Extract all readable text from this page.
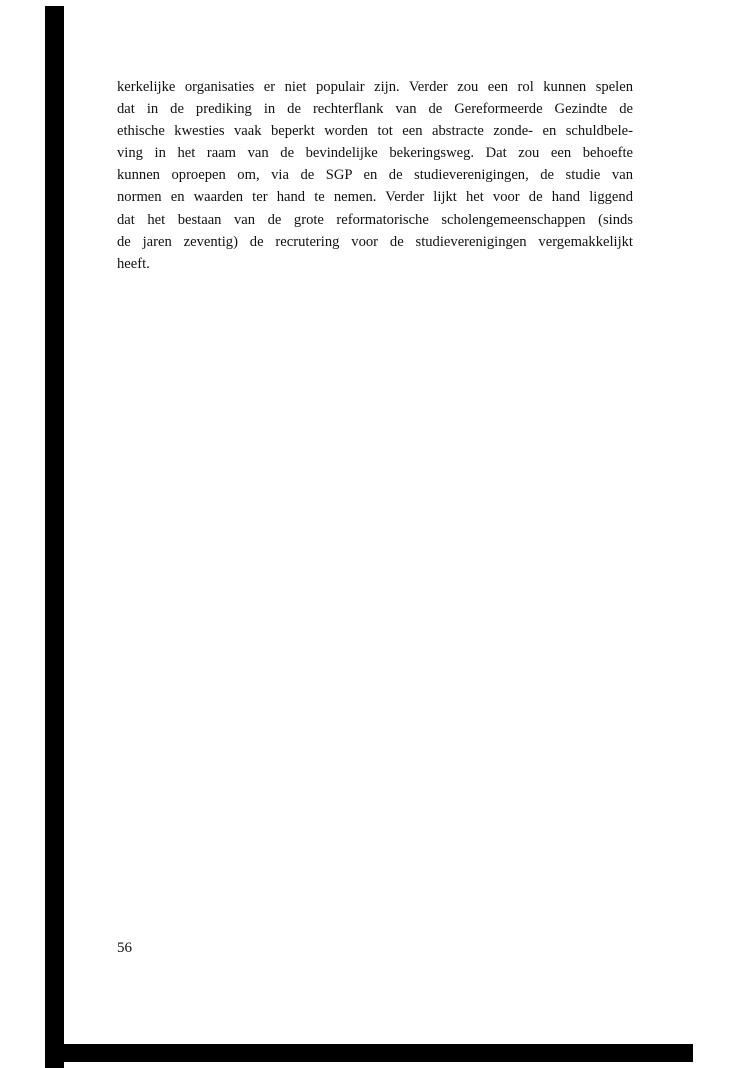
kerkelijke organisaties er niet populair zijn. Verder zou een rol kunnen spelen
dat in de prediking in de rechterflank van de Gereformeerde Gezindte de
ethische kwesties vaak beperkt worden tot een abstracte zonde- en schuldbele-
ving in het raam van de bevindelijke bekeringsweg. Dat zou een behoefte
kunnen oproepen om, via de SGP en de studieverenigingen, de studie van
normen en waarden ter hand te nemen. Verder lijkt het voor de hand liggend
dat het bestaan van de grote reformatorische scholengemeenschappen (sinds
de jaren zeventig) de recrutering voor de studieverenigingen vergemakkelijkt
heeft.

56
